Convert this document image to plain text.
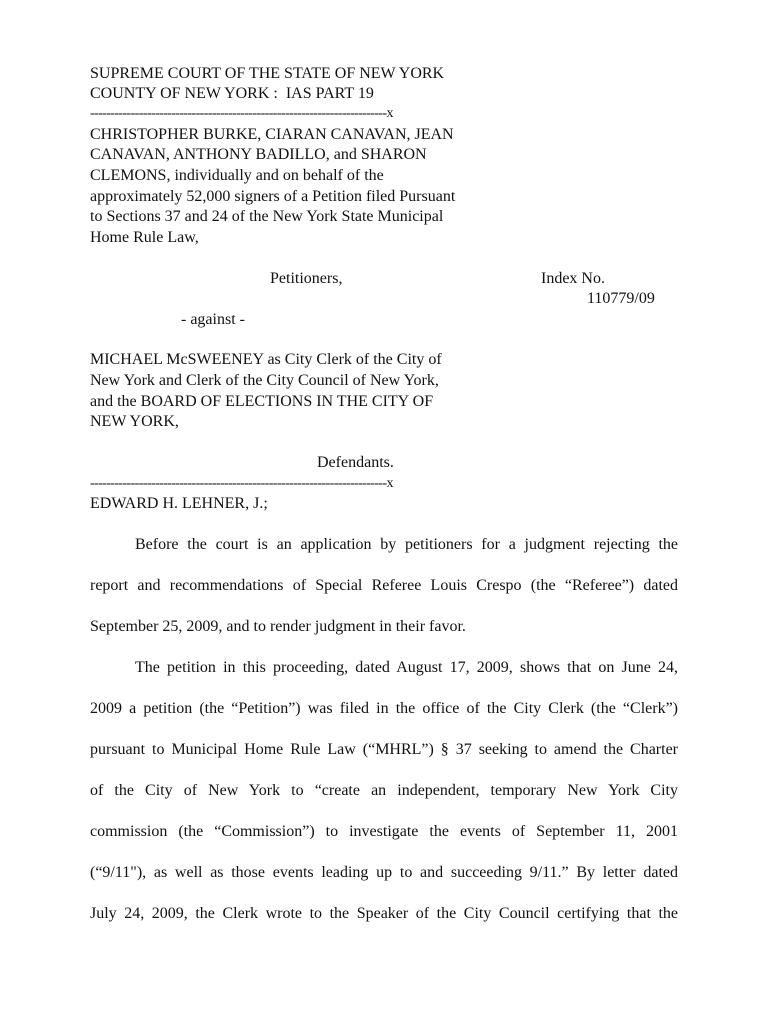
SUPREME COURT OF THE STATE OF NEW YORK
COUNTY OF NEW YORK :  IAS PART 19
-------------------------------------------------------------------------x
CHRISTOPHER BURKE, CIARAN CANAVAN, JEAN
CANAVAN, ANTHONY BADILLO, and SHARON
CLEMONS, individually and on behalf of the
approximately 52,000 signers of a Petition filed Pursuant
to Sections 37 and 24 of the New York State Municipal
Home Rule Law,
Petitioners,	Index No.
110779/09
- against -
MICHAEL McSWEENEY as City Clerk of the City of
New York and Clerk of the City Council of New York,
and the BOARD OF ELECTIONS IN THE CITY OF
NEW YORK,
Defendants.
-------------------------------------------------------------------------x
EDWARD H. LEHNER, J.;
Before the court is an application by petitioners for a judgment rejecting the
report and recommendations of Special Referee Louis Crespo (the “Referee”) dated
September 25, 2009, and to render judgment in their favor.
The petition in this proceeding, dated August 17, 2009, shows that on June 24,
2009 a petition (the “Petition”) was filed in the office of the City Clerk (the “Clerk”)
pursuant to Municipal Home Rule Law (“MHRL”) § 37 seeking to amend the Charter
of the City of New York to “create an independent, temporary New York City
commission (the “Commission”) to investigate the events of September 11, 2001
(“9/11"), as well as those events leading up to and succeeding 9/11.” By letter dated
July 24, 2009, the Clerk wrote to the Speaker of the City Council certifying that the
